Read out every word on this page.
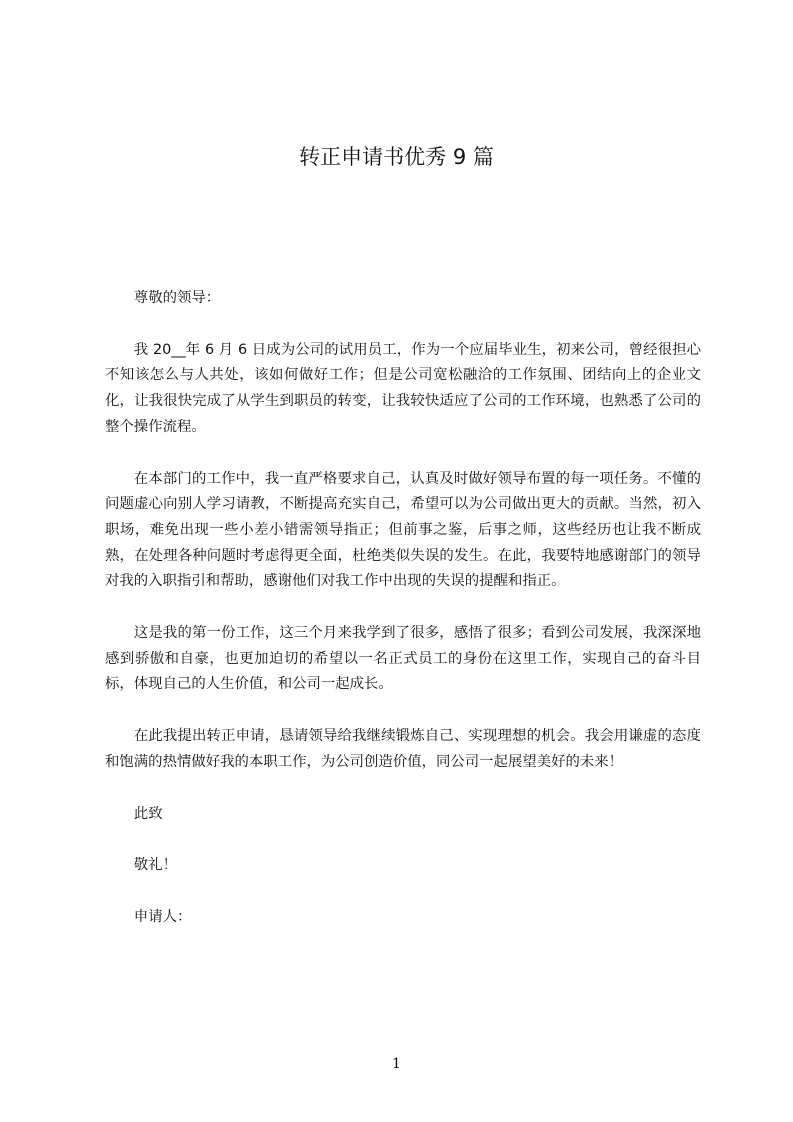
转正申请书优秀 9 篇

尊敬的领导：

我 20__年 6 月 6 日成为公司的试用员工，作为一个应届毕业生，初来公司，曾经很担心不知该怎么与人共处，该如何做好工作；但是公司宽松融洽的工作氛围、团结向上的企业文化，让我很快完成了从学生到职员的转变，让我较快适应了公司的工作环境，也熟悉了公司的整个操作流程。

在本部门的工作中，我一直严格要求自己，认真及时做好领导布置的每一项任务。不懂的问题虚心向别人学习请教，不断提高充实自己，希望可以为公司做出更大的贡献。当然，初入职场，难免出现一些小差小错需领导指正；但前事之鉴，后事之师，这些经历也让我不断成熟，在处理各种问题时考虑得更全面，杜绝类似失误的发生。在此，我要特地感谢部门的领导对我的入职指引和帮助，感谢他们对我工作中出现的失误的提醒和指正。

这是我的第一份工作，这三个月来我学到了很多，感悟了很多；看到公司发展，我深深地感到骄傲和自豪，也更加迫切的希望以一名正式员工的身份在这里工作，实现自己的奋斗目标，体现自己的人生价值，和公司一起成长。

在此我提出转正申请，恳请领导给我继续锻炼自己、实现理想的机会。我会用谦虚的态度和饱满的热情做好我的本职工作，为公司创造价值，同公司一起展望美好的未来！

此致

敬礼！

申请人：

1
